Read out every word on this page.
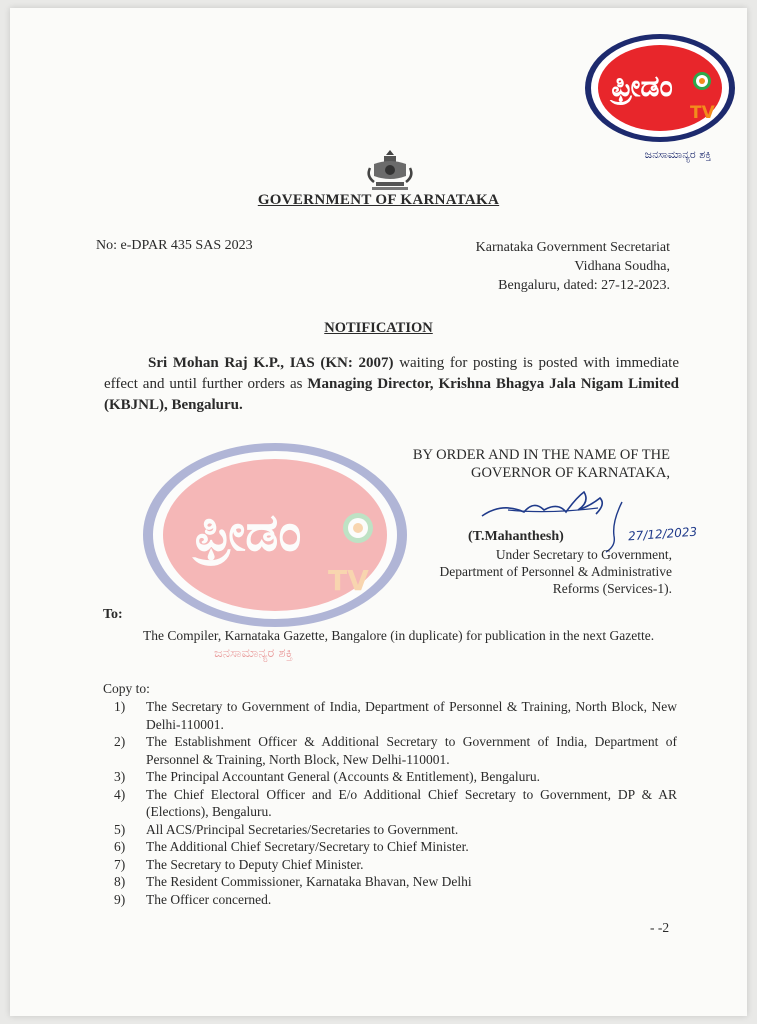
ಫ್ರೀಡಂ
TV
ಜನಸಾಮಾನ್ಯರ ಶಕ್ತಿ
GOVERNMENT OF KARNATAKA
No: e-DPAR 435 SAS 2023	Karnataka Government Secretariat
Vidhana Soudha,
Bengaluru, dated: 27-12-2023.
NOTIFICATION

Sri Mohan Raj K.P., IAS (KN: 2007) waiting for posting is posted with immediate effect and until further orders as Managing Director, Krishna Bhagya Jala Nigam Limited (KBJNL), Bengaluru.

ಫ್ರೀಡಂ
TV
ಜನಸಾಮಾನ್ಯರ ಶಕ್ತಿ
BY ORDER AND IN THE NAME OF THE
GOVERNOR OF KARNATAKA,
27/12/2023
(T.Mahanthesh)
Under Secretary to Government,
Department of Personnel & Administrative
Reforms (Services-1).
To:

The Compiler, Karnataka Gazette, Bangalore (in duplicate) for publication in the next Gazette.

Copy to:
1)	The Secretary to Government of India, Department of Personnel & Training, North Block, New Delhi-110001.
2)	The Establishment Officer & Additional Secretary to Government of India, Department of Personnel & Training, North Block, New Delhi-110001.
3)	The Principal Accountant General (Accounts & Entitlement), Bengaluru.
4)	The Chief Electoral Officer and E/o Additional Chief Secretary to Government, DP & AR (Elections), Bengaluru.
5)	All ACS/Principal Secretaries/Secretaries to Government.
6)	The Additional Chief Secretary/Secretary to Chief Minister.
7)	The Secretary to Deputy Chief Minister.
8)	The Resident Commissioner, Karnataka Bhavan, New Delhi
9)	The Officer concerned.
- -2
